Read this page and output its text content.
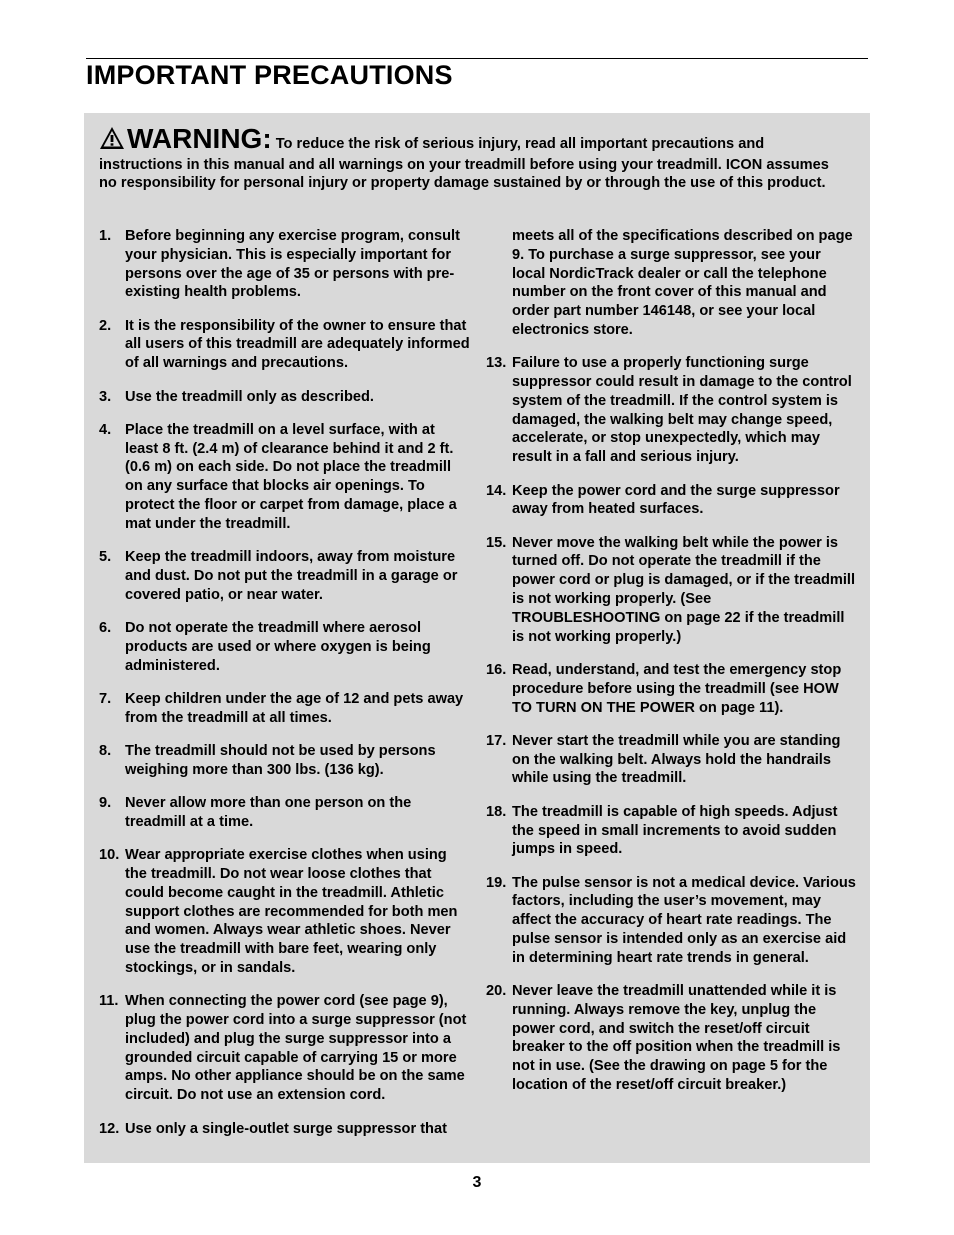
IMPORTANT PRECAUTIONS

WARNING: To reduce the risk of serious injury, read all important precautions and instructions in this manual and all warnings on your treadmill before using your treadmill. ICON assumes no responsibility for personal injury or property damage sustained by or through the use of this product.

1. Before beginning any exercise program, consult your physician. This is especially important for persons over the age of 35 or persons with pre-existing health problems.
2. It is the responsibility of the owner to ensure that all users of this treadmill are adequately informed of all warnings and precautions.
3. Use the treadmill only as described.
4. Place the treadmill on a level surface, with at least 8 ft. (2.4 m) of clearance behind it and 2 ft. (0.6 m) on each side. Do not place the treadmill on any surface that blocks air openings. To protect the floor or carpet from damage, place a mat under the treadmill.
5. Keep the treadmill indoors, away from moisture and dust. Do not put the treadmill in a garage or covered patio, or near water.
6. Do not operate the treadmill where aerosol products are used or where oxygen is being administered.
7. Keep children under the age of 12 and pets away from the treadmill at all times.
8. The treadmill should not be used by persons weighing more than 300 lbs. (136 kg).
9. Never allow more than one person on the treadmill at a time.
10. Wear appropriate exercise clothes when using the treadmill. Do not wear loose clothes that could become caught in the treadmill. Athletic support clothes are recommended for both men and women. Always wear athletic shoes. Never use the treadmill with bare feet, wearing only stockings, or in sandals.
11. When connecting the power cord (see page 9), plug the power cord into a surge suppressor (not included) and plug the surge suppressor into a grounded circuit capable of carrying 15 or more amps. No other appliance should be on the same circuit. Do not use an extension cord.
12. Use only a single-outlet surge suppressor that
meets all of the specifications described on page 9. To purchase a surge suppressor, see your local NordicTrack dealer or call the telephone number on the front cover of this manual and order part number 146148, or see your local electronics store.
13. Failure to use a properly functioning surge suppressor could result in damage to the control system of the treadmill. If the control system is damaged, the walking belt may change speed, accelerate, or stop unexpectedly, which may result in a fall and serious injury.
14. Keep the power cord and the surge suppressor away from heated surfaces.
15. Never move the walking belt while the power is turned off. Do not operate the treadmill if the power cord or plug is damaged, or if the treadmill is not working properly. (See TROUBLESHOOTING on page 22 if the treadmill is not working properly.)
16. Read, understand, and test the emergency stop procedure before using the treadmill (see HOW TO TURN ON THE POWER on page 11).
17. Never start the treadmill while you are standing on the walking belt. Always hold the handrails while using the treadmill.
18. The treadmill is capable of high speeds. Adjust the speed in small increments to avoid sudden jumps in speed.
19. The pulse sensor is not a medical device. Various factors, including the user’s movement, may affect the accuracy of heart rate readings. The pulse sensor is intended only as an exercise aid in determining heart rate trends in general.
20. Never leave the treadmill unattended while it is running. Always remove the key, unplug the power cord, and switch the reset/off circuit breaker to the off position when the treadmill is not in use. (See the drawing on page 5 for the location of the reset/off circuit breaker.)
3
